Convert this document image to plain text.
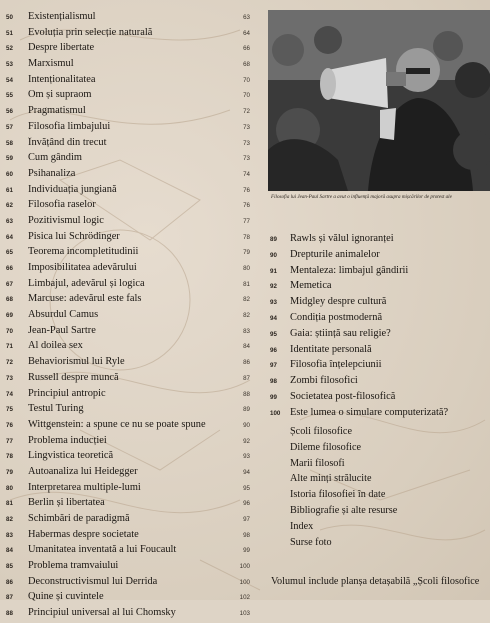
50	Existențialismul	63
51	Evoluția prin selecție naturală	64
52	Despre libertate	66
53	Marxismul	68
54	Intenționalitatea	70
55	Om și supraom	70
56	Pragmatismul	72
57	Filosofia limbajului	73
58	Învățând din trecut	73
59	Cum gândim	73
60	Psihanaliza	74
61	Individuația jungiană	76
62	Filosofia raselor	76
63	Pozitivismul logic	77
64	Pisica lui Schrödinger	78
65	Teorema incompletitudinii	79
66	Imposibilitatea adevărului	80
67	Limbajul, adevărul și logica	81
68	Marcuse: adevărul este fals	82
69	Absurdul Camus	82
70	Jean-Paul Sartre	83
71	Al doilea sex	84
72	Behaviorismul lui Ryle	86
73	Russell despre muncă	87
74	Principiul antropic	88
75	Testul Turing	89
76	Wittgenstein: a spune ce nu se poate spune	90
77	Problema inducției	92
78	Lingvistica teoretică	93
79	Autoanaliza lui Heidegger	94
80	Interpretarea multiple-lumi	95
81	Berlin și libertatea	96
82	Schimbări de paradigmă	97
83	Habermas despre societate	98
84	Umanitatea inventată a lui Foucault	99
85	Problema tramvaiului	100
86	Deconstructivismul lui Derrida	100
87	Quine și cuvintele	102
88	Principiul universal al lui Chomsky	103
Filosofia lui Jean-Paul Sartre a avut o influență majoră asupra mișcărilor de protest ale
89	Rawls și vălul ignoranței
90	Drepturile animalelor
91	Mentaleza: limbajul gândirii
92	Memetica
93	Midgley despre cultură
94	Condiția postmodernă
95	Gaia: știință sau religie?
96	Identitate personală
97	Filosofia înțelepciunii
98	Zombi filosofici
99	Societatea post-filosofică
100 Este lumea o simulare computerizată?
Școli filosofice
Dileme filosofice
Marii filosofi
Alte minți strălucite
Istoria filosofiei în date
Bibliografie și alte resurse
Index
Surse foto
Volumul include planșa detașabilă „Școli filosofice
